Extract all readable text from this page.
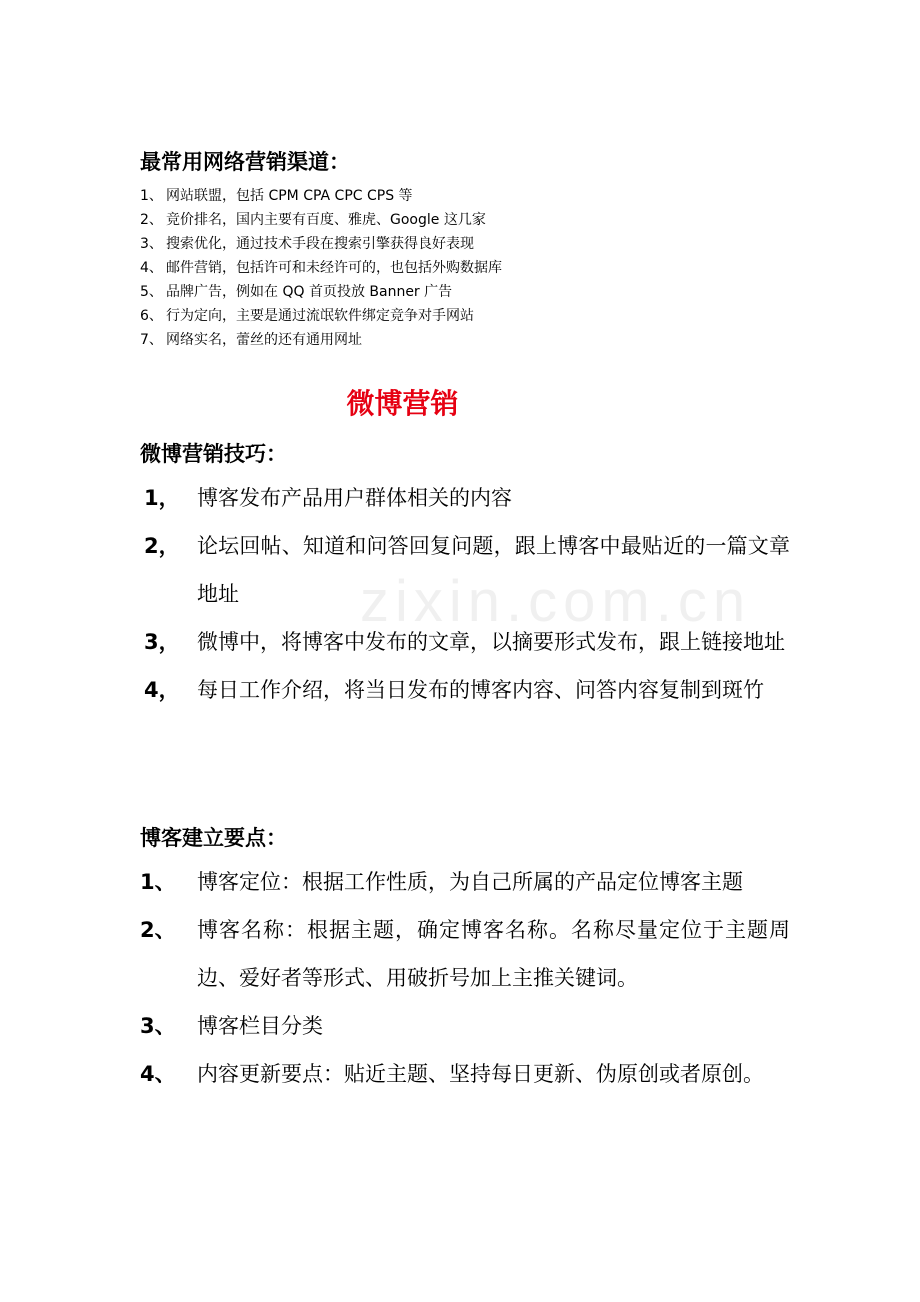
zixin.com.cn
最常用网络营销渠道：
1、 网站联盟，包括 CPM CPA CPC CPS 等
2、 竞价排名，国内主要有百度、雅虎、Google 这几家
3、 搜索优化，通过技术手段在搜索引擎获得良好表现
4、 邮件营销，包括许可和未经许可的，也包括外购数据库
5、 品牌广告，例如在 QQ 首页投放 Banner 广告
6、 行为定向，主要是通过流氓软件绑定竞争对手网站
7、 网络实名，蕾丝的还有通用网址
微博营销
微博营销技巧：
1， 博客发布产品用户群体相关的内容
2， 论坛回帖、知道和问答回复问题，跟上博客中最贴近的一篇文章地址
3， 微博中，将博客中发布的文章，以摘要形式发布，跟上链接地址
4， 每日工作介绍，将当日发布的博客内容、问答内容复制到斑竹
博客建立要点：
1、	博客定位：根据工作性质，为自己所属的产品定位博客主题
2、	博客名称：根据主题，确定博客名称。名称尽量定位于主题周边、爱好者等形式、用破折号加上主推关键词。
3、	博客栏目分类
4、	内容更新要点：贴近主题、坚持每日更新、伪原创或者原创。
